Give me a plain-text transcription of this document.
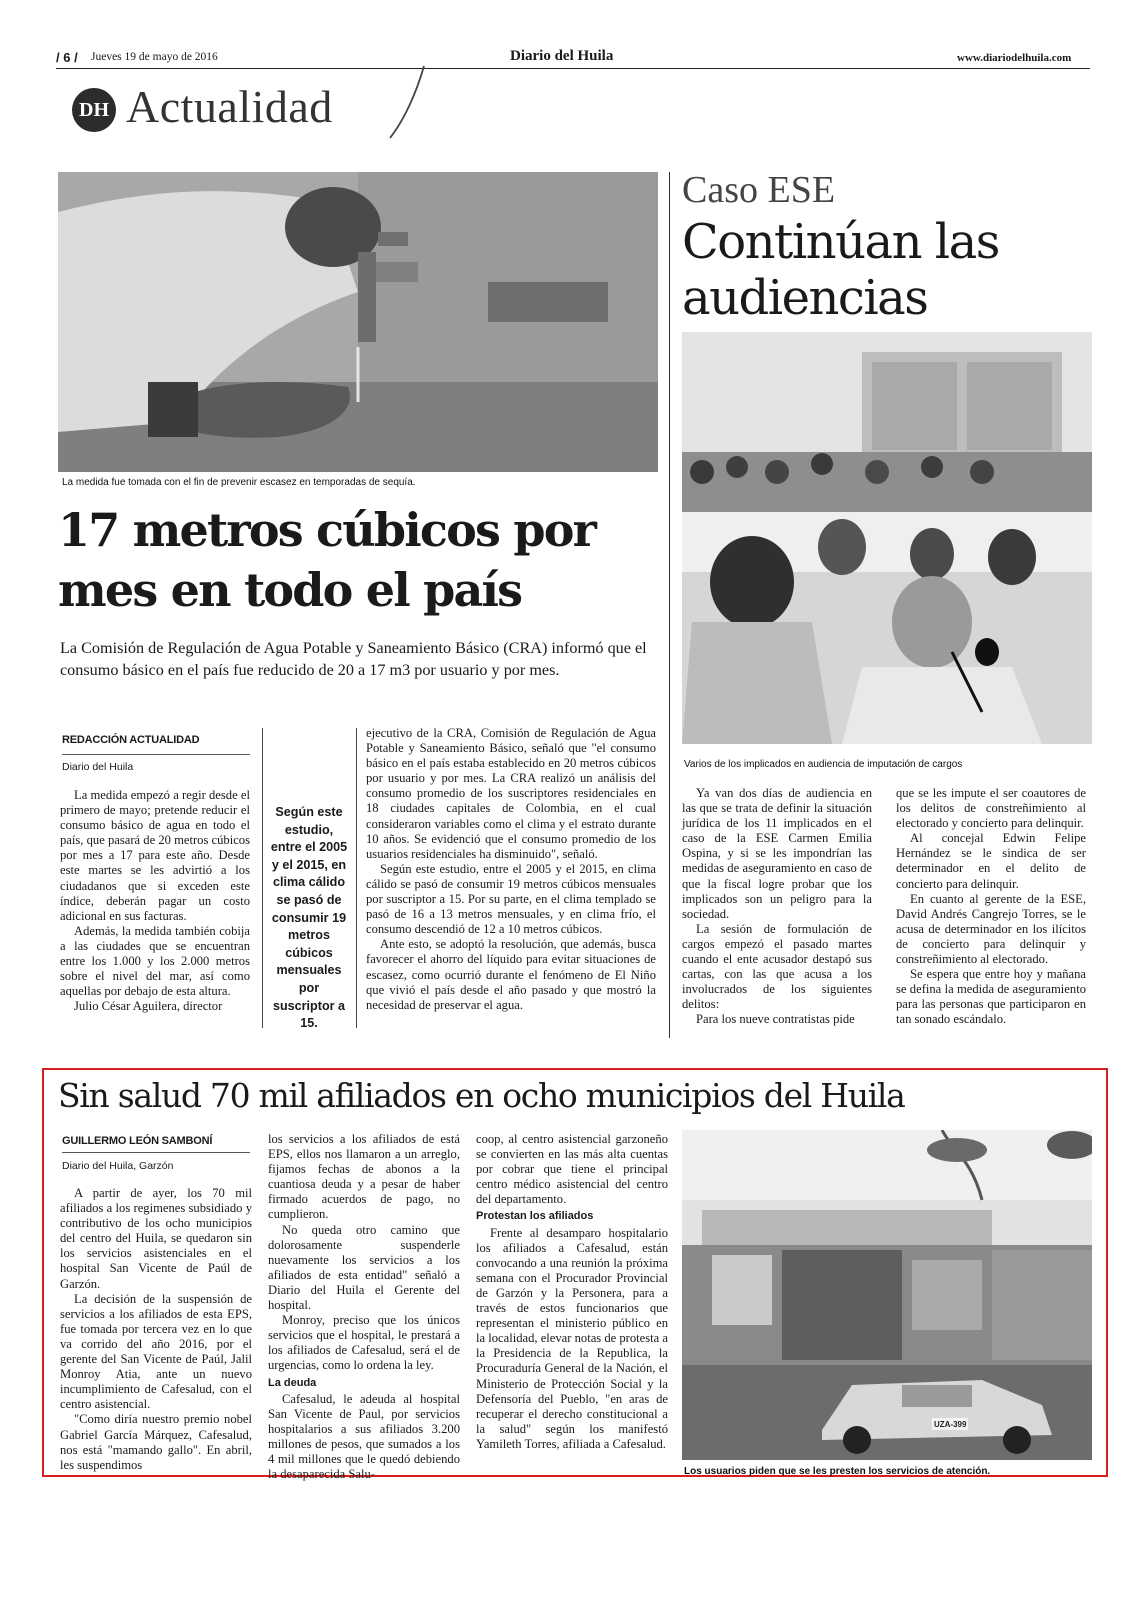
/ 6 / Jueves 19 de mayo de 2016	Diario del Huila	www.diariodelhuila.com
DH Actualidad
La medida fue tomada con el fin de prevenir escasez en temporadas de sequía.
17 metros cúbicos por
mes en todo el país
La Comisión de Regulación de Agua Potable y Saneamiento Básico (CRA) informó que el consumo básico en el país fue reducido de 20 a 17 m3 por usuario y por mes.
REDACCIÓN ACTUALIDAD
Diario del Huila

La medida empezó a regir desde el primero de mayo; pretende reducir el consumo básico de agua en todo el país, que pasará de 20 metros cúbicos por mes a 17 para este año. Desde este martes se les advirtió a los ciudadanos que si exceden este índice, deberán pagar un costo adicional en sus facturas.

Además, la medida también cobija a las ciudades que se encuentran entre los 1.000 y los 2.000 metros sobre el nivel del mar, así como aquellas por debajo de esta altura.

Julio César Aguilera, director

Según este estudio, entre el 2005 y el 2015, en clima cálido se pasó de consumir 19 metros cúbicos mensuales por suscriptor a 15.

ejecutivo de la CRA, Comisión de Regulación de Agua Potable y Saneamiento Básico, señaló que "el consumo básico en el país estaba establecido en 20 metros cúbicos por usuario y por mes. La CRA realizó un análisis del consumo promedio de los suscriptores residenciales en 18 ciudades capitales de Colombia, en el cual consideraron variables como el clima y el estrato durante 10 años. Se evidenció que el consumo promedio de los usuarios residenciales ha disminuido", señaló.

Según este estudio, entre el 2005 y el 2015, en clima cálido se pasó de consumir 19 metros cúbicos mensuales por suscriptor a 15. Por su parte, en el clima templado se pasó de 16 a 13 metros mensuales, y en clima frío, el consumo descendió de 12 a 10 metros cúbicos.

Ante esto, se adoptó la resolución, que además, busca favorecer el ahorro del líquido para evitar situaciones de escasez, como ocurrió durante el fenómeno de El Niño que vivió el país desde el año pasado y que mostró la necesidad de preservar el agua.

Caso ESE
Continúan las
audiencias
Varios de los implicados en audiencia de imputación de cargos

Ya van dos días de audiencia en las que se trata de definir la situación jurídica de los 11 implicados en el caso de la ESE Carmen Emilia Ospina, y si se les impondrían las medidas de aseguramiento en caso de que la fiscal logre probar que los implicados son un peligro para la sociedad.

La sesión de formulación de cargos empezó el pasado martes cuando el ente acusador destapó sus cartas, con las que acusa a los involucrados de los siguientes delitos:

Para los nueve contratistas pide

que se les impute el ser coautores de los delitos de constreñimiento al electorado y concierto para delinquir.

Al concejal Edwin Felipe Hernández se le sindica de ser determinador en el delito de concierto para delinquir.

En cuanto al gerente de la ESE, David Andrés Cangrejo Torres, se le acusa de determinador en los ilícitos de concierto para delinquir y constreñimiento al electorado.

Se espera que entre hoy y mañana se defina la medida de aseguramiento para las personas que participaron en tan sonado escándalo.

Sin salud 70 mil afiliados en ocho municipios del Huila
GUILLERMO LEÓN SAMBONÍ
Diario del Huila, Garzón

A partir de ayer, los 70 mil afiliados a los regimenes subsidiado y contributivo de los ocho municipios del centro del Huila, se quedaron sin los servicios asistenciales en el hospital San Vicente de Paúl de Garzón.

La decisión de la suspensión de servicios a los afiliados de esta EPS, fue tomada por tercera vez en lo que va corrido del año 2016, por el gerente del San Vicente de Paúl, Jalil Monroy Atia, ante un nuevo incumplimiento de Cafesalud, con el centro asistencial.

"Como diría nuestro premio nobel Gabriel García Márquez, Cafesalud, nos está "mamando gallo". En abril, les suspendimos

los servicios a los afiliados de está EPS, ellos nos llamaron a un arreglo, fijamos fechas de abonos a la cuantiosa deuda y a pesar de haber firmado acuerdos de pago, no cumplieron.

No queda otro camino que dolorosamente suspenderle nuevamente los servicios a los afiliados de esta entidad" señaló a Diario del Huila el Gerente del hospital.

Monroy, preciso que los únicos servicios que el hospital, le prestará a los afiliados de Cafesalud, será el de urgencias, como lo ordena la ley.

La deuda

Cafesalud, le adeuda al hospital San Vicente de Paul, por servicios hospitalarios a sus afiliados 3.200 millones de pesos, que sumados a los 4 mil millones que le quedó debiendo la desaparecida Salu-

coop, al centro asistencial garzoneño se convierten en las más alta cuentas por cobrar que tiene el principal centro médico asistencial del centro del departamento.

Protestan los afiliados

Frente al desamparo hospitalario los afiliados a Cafesalud, están convocando a una reunión la próxima semana con el Procurador Provincial de Garzón y la Personera, para a través de estos funcionarios que representan el ministerio público en la localidad, elevar notas de protesta a la Presidencia de la Republica, la Procuraduría General de la Nación, el Ministerio de Protección Social y la Defensoría del Pueblo, "en aras de recuperar el derecho constitucional a la salud" según los manifestó Yamileth Torres, afiliada a Cafesalud.

UZA-399
Los usuarios piden que se les presten los servicios de atención.
